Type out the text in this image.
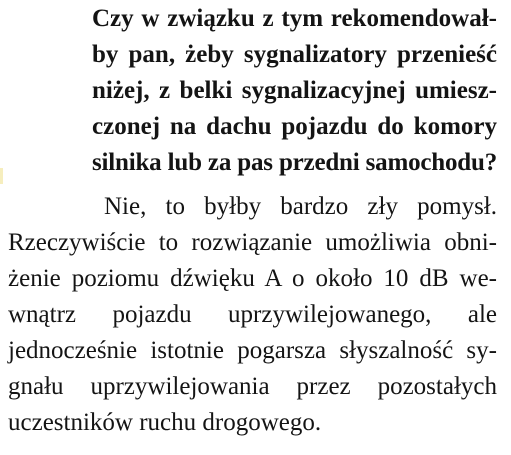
Czy w związku z tym rekomendował-
by pan, żeby sygnalizatory przenieść
niżej, z belki sygnalizacyjnej umiesz-
czonej na dachu pojazdu do komory
silnika lub za pas przedni samochodu?
Nie, to byłby bardzo zły pomysł.
Rzeczywiście to rozwiązanie umożliwia obni-
żenie poziomu dźwięku A o około 10 dB we-
wnątrz pojazdu uprzywilejowanego, ale
jednocześnie istotnie pogarsza słyszalność sy-
gnału uprzywilejowania przez pozostałych
uczestników ruchu drogowego.
